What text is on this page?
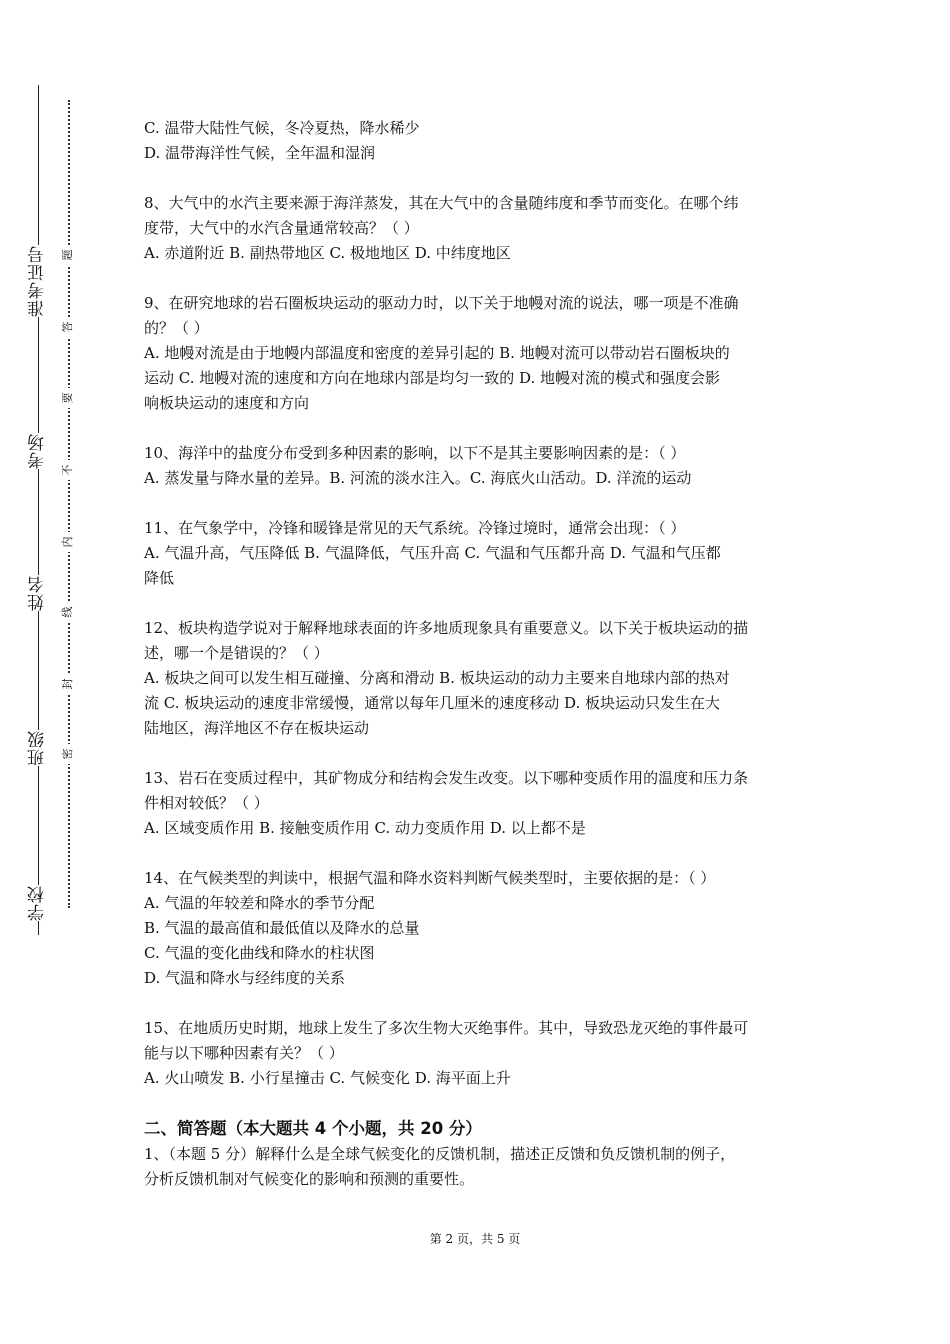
准考证号
考场
姓名
班级
学校
题
答
要
不
内
线
封
密

C. 温带大陆性气候，冬冷夏热，降水稀少

D. 温带海洋性气候，全年温和湿润

8、大气中的水汽主要来源于海洋蒸发，其在大气中的含量随纬度和季节而变化。在哪个纬

度带，大气中的水汽含量通常较高？（ ）

A. 赤道附近 B. 副热带地区 C. 极地地区 D. 中纬度地区

9、在研究地球的岩石圈板块运动的驱动力时，以下关于地幔对流的说法，哪一项是不准确

的？（ ）

A. 地幔对流是由于地幔内部温度和密度的差异引起的 B. 地幔对流可以带动岩石圈板块的

运动 C. 地幔对流的速度和方向在地球内部是均匀一致的 D. 地幔对流的模式和强度会影

响板块运动的速度和方向

10、海洋中的盐度分布受到多种因素的影响，以下不是其主要影响因素的是：（ ）

A. 蒸发量与降水量的差异。B. 河流的淡水注入。C. 海底火山活动。D. 洋流的运动

11、在气象学中，冷锋和暖锋是常见的天气系统。冷锋过境时，通常会出现：（ ）

A. 气温升高，气压降低 B. 气温降低，气压升高 C. 气温和气压都升高 D. 气温和气压都

降低

12、板块构造学说对于解释地球表面的许多地质现象具有重要意义。以下关于板块运动的描

述，哪一个是错误的？（ ）

A. 板块之间可以发生相互碰撞、分离和滑动 B. 板块运动的动力主要来自地球内部的热对

流 C. 板块运动的速度非常缓慢，通常以每年几厘米的速度移动 D. 板块运动只发生在大

陆地区，海洋地区不存在板块运动

13、岩石在变质过程中，其矿物成分和结构会发生改变。以下哪种变质作用的温度和压力条

件相对较低？（ ）

A. 区域变质作用 B. 接触变质作用 C. 动力变质作用 D. 以上都不是

14、在气候类型的判读中，根据气温和降水资料判断气候类型时，主要依据的是：（ ）

A. 气温的年较差和降水的季节分配

B. 气温的最高值和最低值以及降水的总量

C. 气温的变化曲线和降水的柱状图

D. 气温和降水与经纬度的关系

15、在地质历史时期，地球上发生了多次生物大灭绝事件。其中，导致恐龙灭绝的事件最可

能与以下哪种因素有关？（ ）

A. 火山喷发 B. 小行星撞击 C. 气候变化 D. 海平面上升

二、简答题（本大题共 4 个小题，共 20 分）

1、（本题 5 分）解释什么是全球气候变化的反馈机制，描述正反馈和负反馈机制的例子，

分析反馈机制对气候变化的影响和预测的重要性。

第 2 页，共 5 页
